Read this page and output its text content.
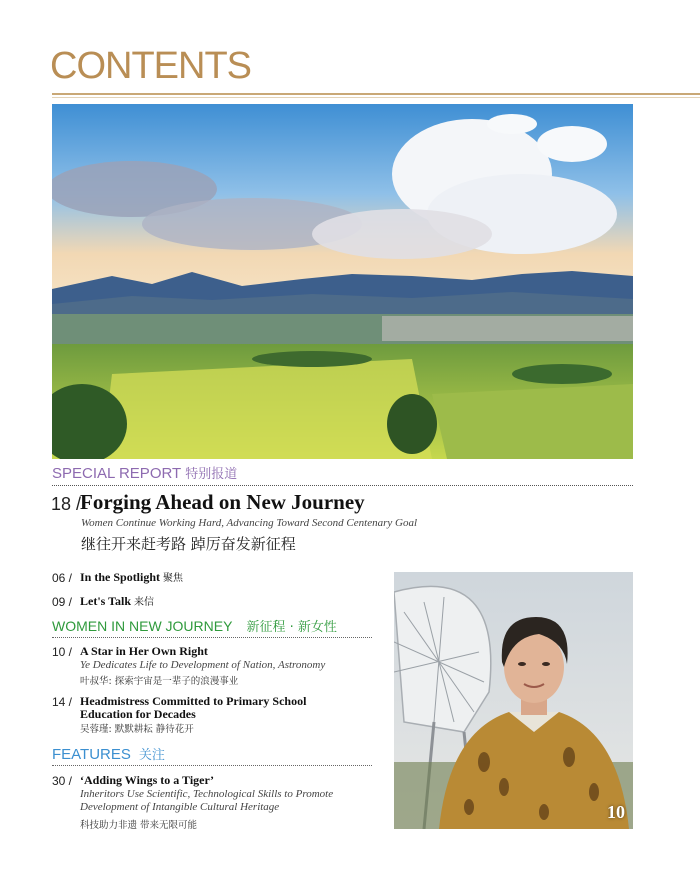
CONTENTS
SPECIAL REPORT 特别报道
18 /
Forging Ahead on New Journey
Women Continue Working Hard, Advancing Toward Second Centenary Goal
继往开来赶考路 踔厉奋发新征程
06 / In the Spotlight 聚焦
09 / Let's Talk 来信
WOMEN IN NEW JOURNEY 新征程 · 新女性
10 / A Star in Her Own Right
Ye Dedicates Life to Development of Nation, Astronomy
叶叔华: 探索宇宙是一辈子的浪漫事业
14 / Headmistress Committed to Primary School Education for Decades
吴蓉瑾: 默默耕耘 静待花开
FEATURES 关注
30 / ‘Adding Wings to a Tiger’
Inheritors Use Scientific, Technological Skills to Promote Development of Intangible Cultural Heritage
科技助力非遗 带来无限可能
10
